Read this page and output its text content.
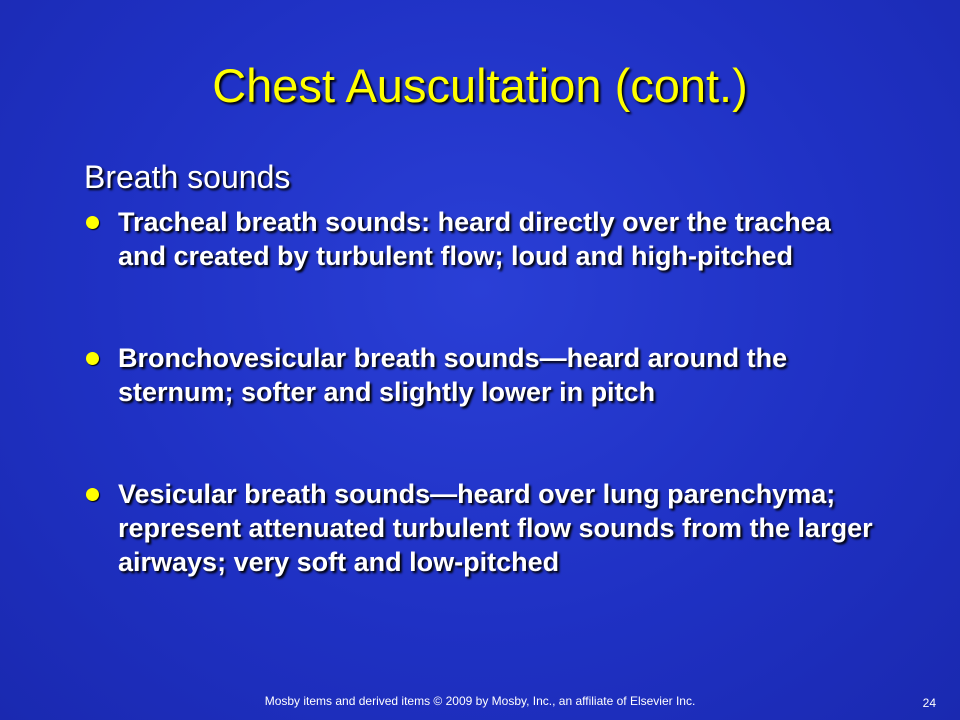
Chest Auscultation (cont.)
Breath sounds
Tracheal breath sounds: heard directly over the trachea and created by turbulent flow; loud and high-pitched
Bronchovesicular breath sounds—heard around the sternum; softer and slightly lower in pitch
Vesicular breath sounds—heard over lung parenchyma; represent attenuated turbulent flow sounds from the larger airways; very soft and low-pitched
Mosby items and derived items © 2009 by Mosby, Inc., an affiliate of Elsevier Inc.	24
